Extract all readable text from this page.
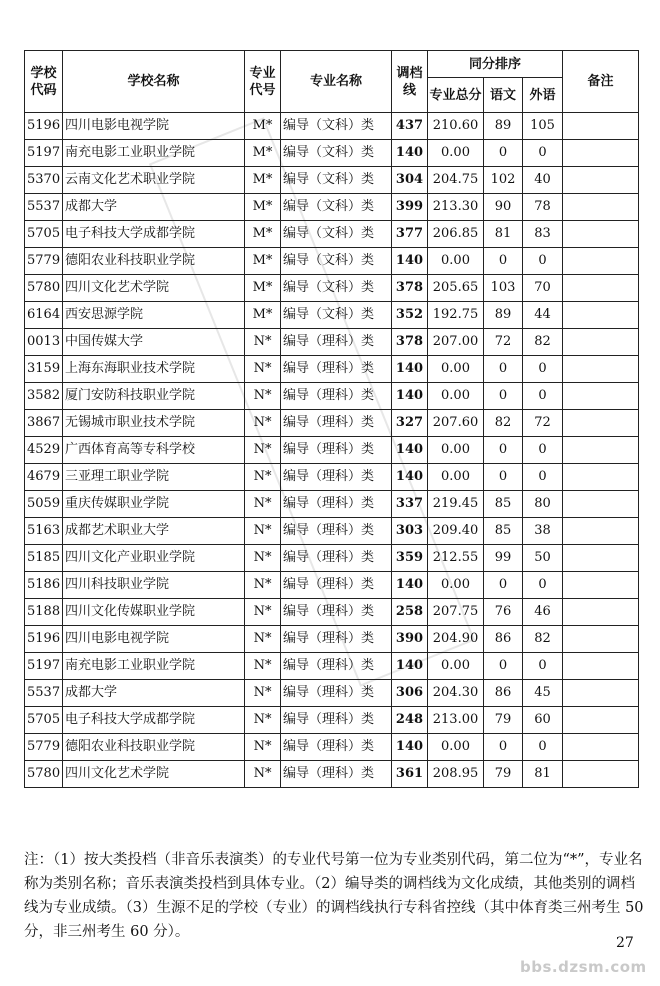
学校代码	学校名称	专业代号	专业名称	调档线	同分排序			备注
					专业总分	语文	外语	
5196	四川电影电视学院	M*	编导（文科）类	437	210.60	89	105	
5197	南充电影工业职业学院	M*	编导（文科）类	140	0.00	0	0	
5370	云南文化艺术职业学院	M*	编导（文科）类	304	204.75	102	40	
5537	成都大学	M*	编导（文科）类	399	213.30	90	78	
5705	电子科技大学成都学院	M*	编导（文科）类	377	206.85	81	83	
5779	德阳农业科技职业学院	M*	编导（文科）类	140	0.00	0	0	
5780	四川文化艺术学院	M*	编导（文科）类	378	205.65	103	70	
6164	西安思源学院	M*	编导（文科）类	352	192.75	89	44	
0013	中国传媒大学	N*	编导（理科）类	378	207.00	72	82	
3159	上海东海职业技术学院	N*	编导（理科）类	140	0.00	0	0	
3582	厦门安防科技职业学院	N*	编导（理科）类	140	0.00	0	0	
3867	无锡城市职业技术学院	N*	编导（理科）类	327	207.60	82	72	
4529	广西体育高等专科学校	N*	编导（理科）类	140	0.00	0	0	
4679	三亚理工职业学院	N*	编导（理科）类	140	0.00	0	0	
5059	重庆传媒职业学院	N*	编导（理科）类	337	219.45	85	80	
5163	成都艺术职业大学	N*	编导（理科）类	303	209.40	85	38	
5185	四川文化产业职业学院	N*	编导（理科）类	359	212.55	99	50	
5186	四川科技职业学院	N*	编导（理科）类	140	0.00	0	0	
5188	四川文化传媒职业学院	N*	编导（理科）类	258	207.75	76	46	
5196	四川电影电视学院	N*	编导（理科）类	390	204.90	86	82	
5197	南充电影工业职业学院	N*	编导（理科）类	140	0.00	0	0	
5537	成都大学	N*	编导（理科）类	306	204.30	86	45	
5705	电子科技大学成都学院	N*	编导（理科）类	248	213.00	79	60	
5779	德阳农业科技职业学院	N*	编导（理科）类	140	0.00	0	0	
5780	四川文化艺术学院	N*	编导（理科）类	361	208.95	79	81	
注：（1）按大类投档（非音乐表演类）的专业代号第一位为专业类别代码，第二位为“*”，专业名称为类别名称；音乐表演类投档到具体专业。（2）编导类的调档线为文化成绩，其他类别的调档线为专业成绩。（3）生源不足的学校（专业）的调档线执行专科省控线（其中体育类三州考生 50 分，非三州考生 60 分）。
27
bbs.dzsm.com
